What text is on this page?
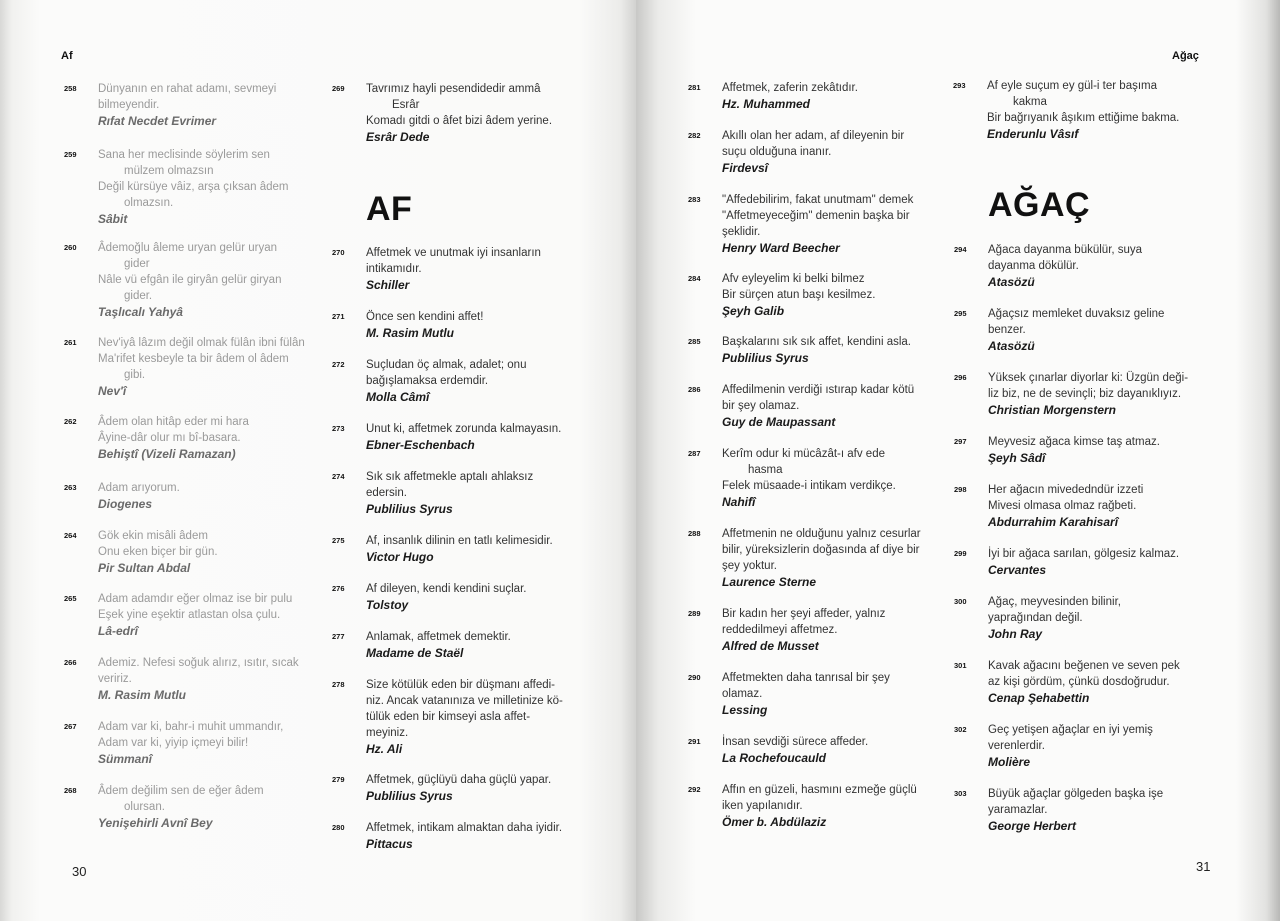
Af
30
AF
258 Dünyanın en rahat adamı, sevmeyi
bilmeyendir.
Rıfat Necdet Evrimer
259 Sana her meclisinde söylerim sen
mülzem olmazsın
Değil kürsüye vâiz, arşa çıksan âdem
olmazsın.
Sâbit
260 Âdemoğlu âleme uryan gelür uryan
gider
Nâle vü efgân ile giryân gelür giryan
gider.
Taşlıcalı Yahyâ
261 Nev'iyâ lâzım değil olmak fülân ibni fülân
Ma'rifet kesbeyle ta bir âdem ol âdem
gibi.
Nev'î
262 Âdem olan hitâp eder mi hara
Âyine-dâr olur mı bî-basara.
Behiştî (Vizeli Ramazan)
263 Adam arıyorum.
Diogenes
264 Gök ekin misâli âdem
Onu eken biçer bir gün.
Pir Sultan Abdal
265 Adam adamdır eğer olmaz ise bir pulu
Eşek yine eşektir atlastan olsa çulu.
Lâ-edrî
266 Ademiz. Nefesi soğuk alırız, ısıtır, sıcak
veririz.
M. Rasim Mutlu
267 Adam var ki, bahr-i muhit ummandır,
Adam var ki, yiyip içmeyi bilir!
Sümmanî
268 Âdem değilim sen de eğer âdem
olursan.
Yenişehirli Avnî Bey
269 Tavrımız hayli pesendidedir ammâ
Esrâr
Komadı gitdi o âfet bizi âdem yerine.
Esrâr Dede
270 Affetmek ve unutmak iyi insanların
intikamıdır.
Schiller
271 Önce sen kendini affet!
M. Rasim Mutlu
272 Suçludan öç almak, adalet; onu
bağışlamaksa erdemdir.
Molla Câmî
273 Unut ki, affetmek zorunda kalmayasın.
Ebner-Eschenbach
274 Sık sık affetmekle aptalı ahlaksız
edersin.
Publilius Syrus
275 Af, insanlık dilinin en tatlı kelimesidir.
Victor Hugo
276 Af dileyen, kendi kendini suçlar.
Tolstoy
277 Anlamak, affetmek demektir.
Madame de Staël
278 Size kötülük eden bir düşmanı affedi-
niz. Ancak vatanınıza ve milletinize kö-
tülük eden bir kimseyi asla affet-
meyiniz.
Hz. Ali
279 Affetmek, güçlüyü daha güçlü yapar.
Publilius Syrus
280 Affetmek, intikam almaktan daha iyidir.
Pittacus
Ağaç
31
AĞAÇ
281 Affetmek, zaferin zekâtıdır.
Hz. Muhammed
282 Akıllı olan her adam, af dileyenin bir
suçu olduğuna inanır.
Firdevsî
283 "Affedebilirim, fakat unutmam" demek
"Affetmeyeceğim" demenin başka bir
şeklidir.
Henry Ward Beecher
284 Afv eyleyelim ki belki bilmez
Bir sürçen atun başı kesilmez.
Şeyh Galib
285 Başkalarını sık sık affet, kendini asla.
Publilius Syrus
286 Affedilmenin verdiği ıstırap kadar kötü
bir şey olamaz.
Guy de Maupassant
287 Kerîm odur ki mücâzât-ı afv ede
hasma
Felek müsaade-i intikam verdikçe.
Nahifî
288 Affetmenin ne olduğunu yalnız cesurlar
bilir, yüreksizlerin doğasında af diye bir
şey yoktur.
Laurence Sterne
289 Bir kadın her şeyi affeder, yalnız
reddedilmeyi affetmez.
Alfred de Musset
290 Affetmekten daha tanrısal bir şey
olamaz.
Lessing
291 İnsan sevdiği sürece affeder.
La Rochefoucauld
292 Affın en güzeli, hasmını ezmeğe güçlü
iken yapılanıdır.
Ömer b. Abdülaziz
293 Af eyle suçum ey gül-i ter başıma
kakma
Bir bağrıyanık âşıkım ettiğime bakma.
Enderunlu Vâsıf
294 Ağaca dayanma bükülür, suya
dayanma dökülür.
Atasözü
295 Ağaçsız memleket duvaksız geline
benzer.
Atasözü
296 Yüksek çınarlar diyorlar ki: Üzgün deği-
liz biz, ne de sevinçli; biz dayanıklıyız.
Christian Morgenstern
297 Meyvesiz ağaca kimse taş atmaz.
Şeyh Sâdî
298 Her ağacın mivededndür izzeti
Mivesi olmasa olmaz rağbeti.
Abdurrahim Karahisarî
299 İyi bir ağaca sarılan, gölgesiz kalmaz.
Cervantes
300 Ağaç, meyvesinden bilinir,
yaprağından değil.
John Ray
301 Kavak ağacını beğenen ve seven pek
az kişi gördüm, çünkü dosdoğrudur.
Cenap Şehabettin
302 Geç yetişen ağaçlar en iyi yemiş
verenlerdir.
Molière
303 Büyük ağaçlar gölgeden başka işe
yaramazlar.
George Herbert
